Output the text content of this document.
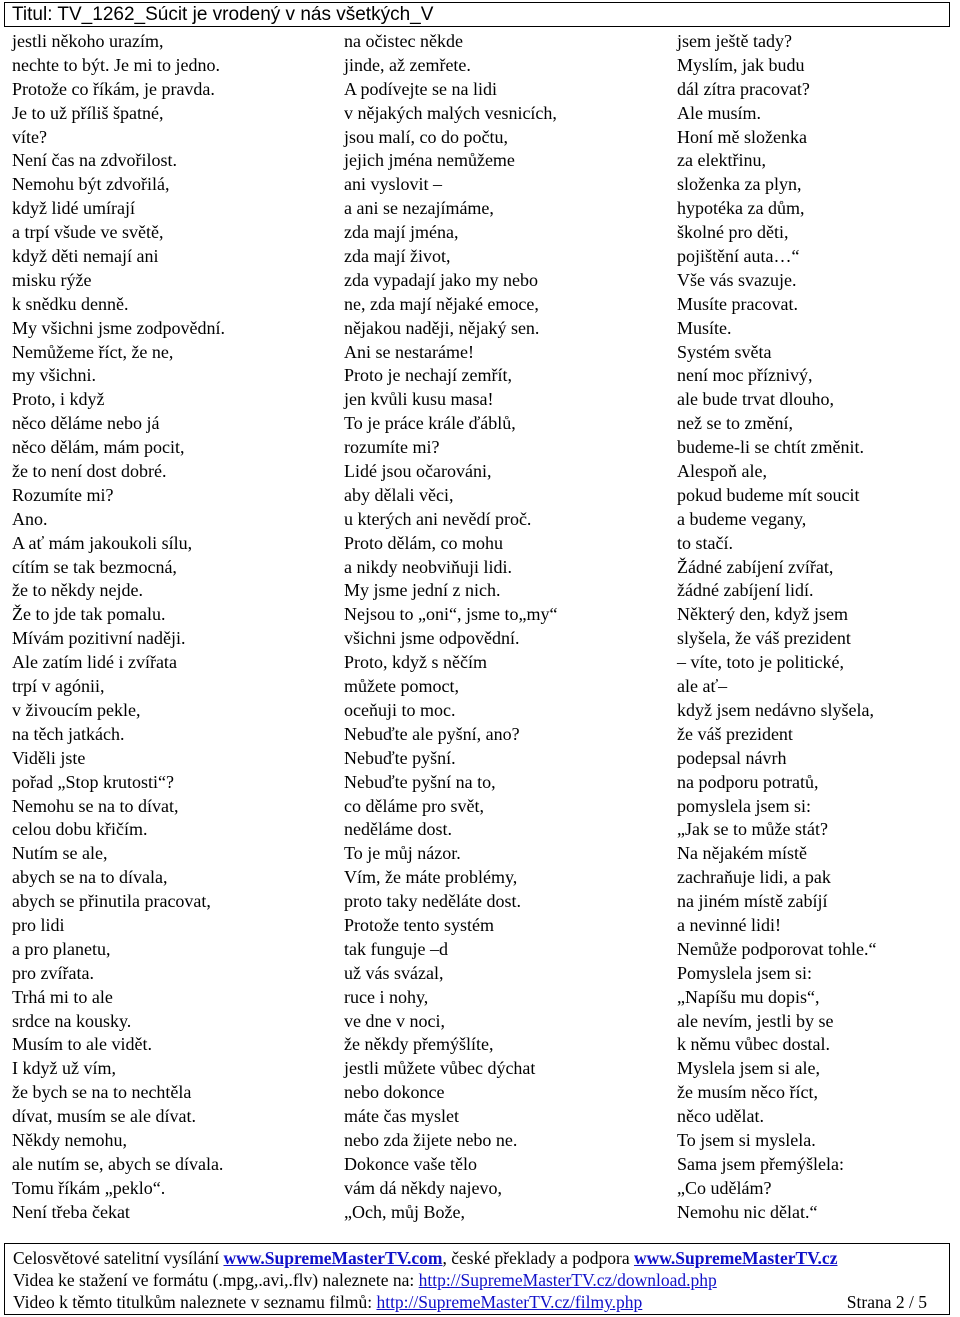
Titul: TV_1262_Súcit je vrodený v nás všetkých_V
jestli někoho urazím,
nechte to být. Je mi to jedno.
Protože co říkám, je pravda.
Je to už příliš špatné,
víte?
Není čas na zdvořilost.
Nemohu být zdvořilá,
když lidé umírají
a trpí všude ve světě,
když děti nemají ani
misku rýže
k snědku denně.
My všichni jsme zodpovědní.
Nemůžeme říct, že ne,
my všichni.
Proto, i když
něco děláme nebo já
něco dělám, mám pocit,
že to není dost dobré.
Rozumíte mi?
Ano.
A ať mám jakoukoli sílu,
cítím se tak bezmocná,
že to někdy nejde.
Že to jde tak pomalu.
Mívám pozitivní naději.
Ale zatím lidé i zvířata
trpí v agónii,
v živoucím pekle,
na těch jatkách.
Viděli jste
pořad „Stop krutosti“?
Nemohu se na to dívat,
celou dobu křičím.
Nutím se ale,
abych se na to dívala,
abych se přinutila pracovat,
pro lidi
a pro planetu,
pro zvířata.
Trhá mi to ale
srdce na kousky.
Musím to ale vidět.
I když už vím,
že bych se na to nechtěla
dívat, musím se ale dívat.
Někdy nemohu,
ale nutím se, abych se dívala.
Tomu říkám „peklo“.
Není třeba čekat
na očistec někde
jinde, až zemřete.
A podívejte se na lidi
v nějakých malých vesnicích,
jsou malí, co do počtu,
jejich jména nemůžeme
ani vyslovit –
a ani se nezajímáme,
zda mají jména,
zda mají život,
zda vypadají jako my nebo
ne, zda mají nějaké emoce,
nějakou naději, nějaký sen.
Ani se nestaráme!
Proto je nechají zemřít,
jen kvůli kusu masa!
To je práce krále ďáblů,
rozumíte mi?
Lidé jsou očarováni,
aby dělali věci,
u kterých ani nevědí proč.
Proto dělám, co mohu
a nikdy neobviňuji lidi.
My jsme jední z nich.
Nejsou to „oni“, jsme to„my“
všichni jsme odpovědní.
Proto, když s něčím
můžete pomoct,
oceňuji to moc.
Nebuďte ale pyšní, ano?
Nebuďte pyšní.
Nebuďte pyšní na to,
co děláme pro svět,
neděláme dost.
To je můj názor.
Vím, že máte problémy,
proto taky neděláte dost.
Protože tento systém
tak funguje –d
už vás svázal,
ruce i nohy,
ve dne v noci,
že někdy přemýšlíte,
jestli můžete vůbec dýchat
nebo dokonce
máte čas myslet
nebo zda žijete nebo ne.
Dokonce vaše tělo
vám dá někdy najevo,
„Och, můj Bože,
jsem ještě tady?
Myslím, jak budu
dál zítra pracovat?
Ale musím.
Honí mě složenka
za elektřinu,
složenka za plyn,
hypotéka za dům,
školné pro děti,
pojištění auta…“
Vše vás svazuje.
Musíte pracovat.
Musíte.
Systém světa
není moc příznivý,
ale bude trvat dlouho,
než se to změní,
budeme-li se chtít změnit.
Alespoň ale,
pokud budeme mít soucit
a budeme vegany,
to stačí.
Žádné zabíjení zvířat,
žádné zabíjení lidí.
Některý den, když jsem
slyšela, že váš prezident
– víte, toto je politické,
ale ať–
když jsem nedávno slyšela,
že váš prezident
podepsal návrh
na podporu potratů,
pomyslela jsem si:
„Jak se to může stát?
Na nějakém místě
zachraňuje lidi, a pak
na jiném místě zabíjí
a nevinné lidi!
Nemůže podporovat tohle.“
Pomyslela jsem si:
„Napíšu mu dopis“,
ale nevím, jestli by se
k němu vůbec dostal.
Myslela jsem si ale,
že musím něco říct,
něco udělat.
To jsem si myslela.
Sama jsem přemýšlela:
„Co udělám?
Nemohu nic dělat.“
Celosvětové satelitní vysílání www.SupremeMasterTV.com, české překlady a podpora www.SupremeMasterTV.cz
Videa ke stažení ve formátu (.mpg,.avi,.flv) naleznete na: http://SupremeMasterTV.cz/download.php
Video k těmto titulkům naleznete v seznamu filmů: http://SupremeMasterTV.cz/filmy.php	Strana 2 / 5
